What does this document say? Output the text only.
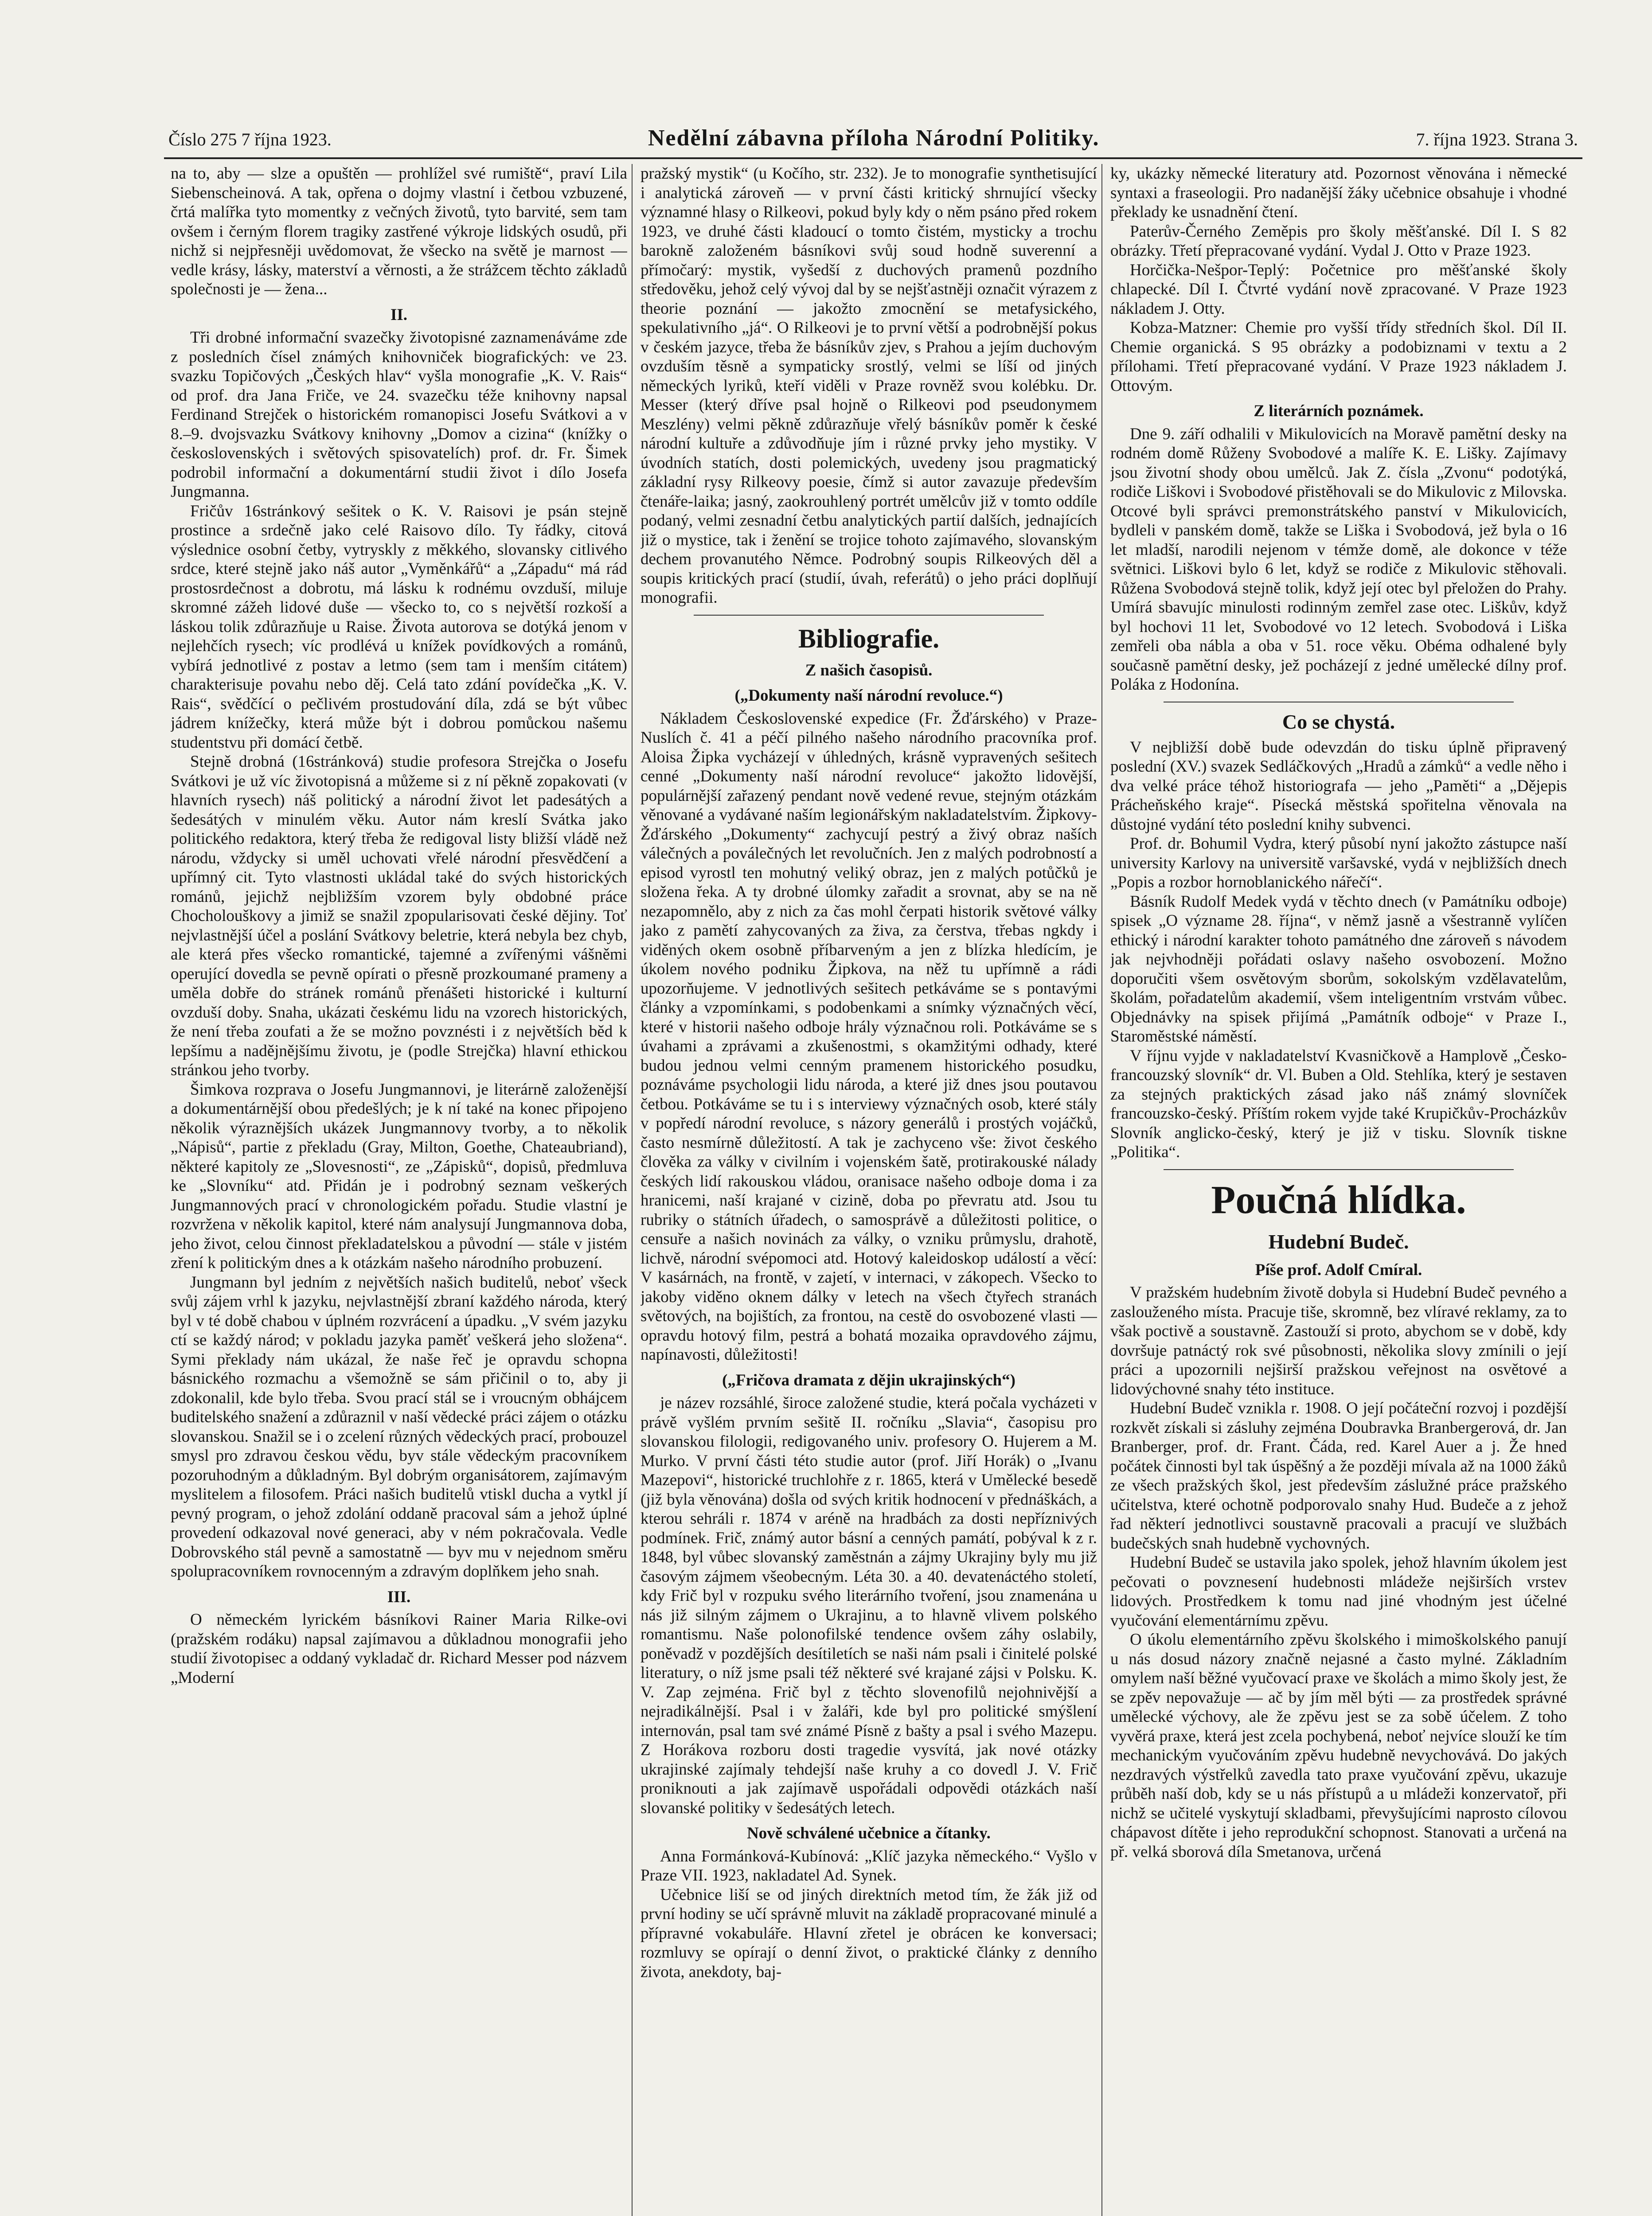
Číslo 275 7 října 1923.	Nedělní zábavna příloha Národní Politiky.	7. října 1923. Strana 3.

na to, aby — slze a opuštěn — prohlížel své rumiště“, praví Lila Siebenscheinová. A tak, opřena o dojmy vlastní i četbou vzbuzené, črtá malířka tyto momentky z večných životů, tyto barvité, sem tam ovšem i černým florem tragiky zastřené výkroje lidských osudů, při nichž si nejpřesněji uvědomovat, že všecko na světě je marnost — vedle krásy, lásky, materství a věrnosti, a že strážcem těchto základů společnosti je — žena...

II.

Tři drobné informační svazečky životopisné zaznamenáváme zde z posledních čísel známých knihovniček biografických: ve 23. svazku Topičových „Českých hlav“ vyšla monografie „K. V. Rais“ od prof. dra Jana Friče, ve 24. svazečku téže knihovny napsal Ferdinand Strejček o historickém romanopisci Josefu Svátkovi a v 8.–9. dvojsvazku Svátkovy knihovny „Domov a cizina“ (knížky o československých i světových spisovatelích) prof. dr. Fr. Šimek podrobil informační a dokumentární studii život i dílo Josefa Jungmanna.

Fričův 16stránkový sešitek o K. V. Raisovi je psán stejně prostince a srdečně jako celé Raisovo dílo. Ty řádky, citová výslednice osobní četby, vytryskly z měkkého, slovansky citlivého srdce, které stejně jako náš autor „Vyměnkářů“ a „Západu“ má rád prostosrdečnost a dobrotu, má lásku k rodnému ovzduší, miluje skromné zážeh lidové duše — všecko to, co s největší rozkoší a láskou tolik zdůrazňuje u Raise. Života autorova se dotýká jenom v nejlehčích rysech; víc prodlévá u knížek povídkových a románů, vybírá jednotlivé z postav a letmo (sem tam i menším citátem) charakterisuje povahu nebo děj. Celá tato zdání povídečka „K. V. Rais“, svědčící o pečlivém prostudování díla, zdá se být vůbec jádrem knížečky, která může být i dobrou pomůckou našemu studentstvu při domácí četbě.

Stejně drobná (16stránková) studie profesora Strejčka o Josefu Svátkovi je už víc životopisná a můžeme si z ní pěkně zopakovati (v hlavních rysech) náš politický a národní život let padesátých a šedesátých v minulém věku. Autor nám kreslí Svátka jako politického redaktora, který třeba že redigoval listy bližší vládě než národu, vždycky si uměl uchovati vřelé národní přesvědčení a upřímný cit. Tyto vlastnosti ukládal také do svých historických románů, jejichž nejbližším vzorem byly obdobné práce Chocholouškovy a jimiž se snažil zpopularisovati české dějiny. Toť nejvlastnější účel a poslání Svátkovy beletrie, která nebyla bez chyb, ale která přes všecko romantické, tajemné a zvířenými vášněmi operující dovedla se pevně opírati o přesně prozkoumané prameny a uměla dobře do stránek románů přenášeti historické i kulturní ovzduší doby. Snaha, ukázati českému lidu na vzorech historických, že není třeba zoufati a že se možno povznésti i z největších běd k lepšímu a nadějnějšímu životu, je (podle Strejčka) hlavní ethickou stránkou jeho tvorby.

Šimkova rozprava o Josefu Jungmannovi, je literárně založenější a dokumentárnější obou předešlých; je k ní také na konec připojeno několik výraznějších ukázek Jungmannovy tvorby, a to několik „Nápisů“, partie z překladu (Gray, Milton, Goethe, Chateaubriand), některé kapitoly ze „Slovesnosti“, ze „Zápisků“, dopisů, předmluva ke „Slovníku“ atd. Přidán je i podrobný seznam veškerých Jungmannových prací v chronologickém pořadu. Studie vlastní je rozvržena v několik kapitol, které nám analysují Jungmannova doba, jeho život, celou činnost překladatelskou a původní — stále v jistém zření k politickým dnes a k otázkám našeho národního probuzení.

Jungmann byl jedním z největších našich buditelů, neboť všeck svůj zájem vrhl k jazyku, nejvlastnější zbraní každého národa, který byl v té době chabou v úplném rozvrácení a úpadku. „V svém jazyku ctí se každý národ; v pokladu jazyka paměť veškerá jeho složena“. Symi překlady nám ukázal, že naše řeč je opravdu schopna básnického rozmachu a všemožně se sám přičinil o to, aby ji zdokonalil, kde bylo třeba. Svou prací stál se i vroucným obhájcem buditelského snažení a zdůraznil v naší vědecké práci zájem o otázku slovanskou. Snažil se i o zcelení různých vědeckých prací, probouzel smysl pro zdravou českou vědu, byv stále vědeckým pracovníkem pozoruhodným a důkladným. Byl dobrým organisátorem, zajímavým myslitelem a filosofem. Práci našich buditelů vtiskl ducha a vytkl jí pevný program, o jehož zdolání oddaně pracoval sám a jehož úplné provedení odkazoval nové generaci, aby v ném pokračovala. Vedle Dobrovského stál pevně a samostatně — byv mu v nejednom směru spolupracovníkem rovnocenným a zdravým doplňkem jeho snah.

III.

O německém lyrickém básníkovi Rainer Maria Rilke-ovi (pražském rodáku) napsal zajímavou a důkladnou monografii jeho studií životopisec a oddaný vykladač dr. Richard Messer pod názvem „Moderní

pražský mystik“ (u Kočího, str. 232). Je to monografie synthetisující i analytická zároveň — v první části kritický shrnující všecky významné hlasy o Rilkeovi, pokud byly kdy o něm psáno před rokem 1923, ve druhé části kladoucí o tomto čistém, mysticky a trochu barokně založeném básníkovi svůj soud hodně suverenní a přímočarý: mystik, vyšedší z duchových pramenů pozdního středověku, jehož celý vývoj dal by se nejšťastněji označit výrazem z theorie poznání — jakožto zmocnění se metafysického, spekulativního „já“. O Rilkeovi je to první větší a podrobnější pokus v českém jazyce, třeba že básníkův zjev, s Prahou a jejím duchovým ovzduším těsně a sympaticky srostlý, velmi se líší od jiných německých lyriků, kteří viděli v Praze rovněž svou kolébku. Dr. Messer (který dříve psal hojně o Rilkeovi pod pseudonymem Meszlény) velmi pěkně zdůrazňuje vřelý básníkův poměr k české národní kultuře a zdůvodňuje jím i různé prvky jeho mystiky. V úvodních statích, dosti polemických, uvedeny jsou pragmatický základní rysy Rilkeovy poesie, čímž si autor zavazuje především čtenáře-laika; jasný, zaokrouhlený portrét umělcův již v tomto oddíle podaný, velmi zesnadní četbu analytických partií dalších, jednajících již o mystice, tak i ženění se trojice tohoto zajímavého, slovanským dechem provanutého Němce. Podrobný soupis Rilkeových děl a soupis kritických prací (studií, úvah, referátů) o jeho práci doplňují monografii.

Bibliografie.
Z našich časopisů.
(„Dokumenty naší národní revoluce.“)

Nákladem Československé expedice (Fr. Žďárského) v Praze-Nuslích č. 41 a péčí pilného našeho národního pracovníka prof. Aloisa Žipka vycházejí v úhledných, krásně vypravených sešitech cenné „Dokumenty naší národní revoluce“ jakožto lidovější, populárnější zařazený pendant nově vedené revue, stejným otázkám věnované a vydávané naším legionářským nakladatelstvím. Žipkovy-Žďárského „Dokumenty“ zachycují pestrý a živý obraz naších válečných a poválečných let revolučních. Jen z malých podrobností a episod vyrostl ten mohutný veliký obraz, jen z malých potůčků je složena řeka. A ty drobné úlomky zařadit a srovnat, aby se na ně nezapomnělo, aby z nich za čas mohl čerpati historik světové války jako z pamětí zahycovaných za živa, za čerstva, třebas ngkdy i viděných okem osobně příbarveným a jen z blízka hledícím, je úkolem nového podniku Žipkova, na něž tu upřímně a rádi upozorňujeme. V jednotlivých sešitech petkáváme se s pontavými články a vzpomínkami, s podobenkami a snímky význačných věcí, které v historii našeho odboje hrály význačnou roli. Potkáváme se s úvahami a zprávami a zkušenostmi, s okamžitými odhady, které budou jednou velmi cenným pramenem historického posudku, poznáváme psychologii lidu národa, a které již dnes jsou poutavou četbou. Potkáváme se tu i s interviewy význačných osob, které stály v popředí národní revoluce, s názory generálů i prostých vojáčků, často nesmírně důležitostí. A tak je zachyceno vše: život českého člověka za války v civilním i vojenském šatě, protirakouské nálady českých lidí rakouskou vládou, oranisace našeho odboje doma i za hranicemi, naší krajané v cizině, doba po převratu atd. Jsou tu rubriky o státních úřadech, o samosprávě a důležitosti politice, o censuře a našich novinách za války, o vzniku průmyslu, drahotě, lichvě, národní svépomoci atd. Hotový kaleidoskop událostí a věcí: V kasárnách, na frontě, v zajetí, v internaci, v zákopech. Všecko to jakoby viděno oknem dálky v letech na všech čtyřech stranách světových, na bojištích, za frontou, na cestě do osvobozené vlasti — opravdu hotový film, pestrá a bohatá mozaika opravdového zájmu, napínavosti, důležitosti!

(„Fričova dramata z dějin ukrajinských“)

je název rozsáhlé, široce založené studie, která počala vycházeti v právě vyšlém prvním sešitě II. ročníku „Slavia“, časopisu pro slovanskou filologii, redigovaného univ. profesory O. Hujerem a M. Murko. V první části této studie autor (prof. Jiří Horák) o „Ivanu Mazepovi“, historické truchlohře z r. 1865, která v Umělecké besedě (již byla věnována) došla od svých kritik hodnocení v přednáškách, a kterou sehráli r. 1874 v aréně na hradbách za dosti nepříznivých podmínek. Frič, známý autor básní a cenných památí, pobýval k z r. 1848, byl vůbec slovanský zaměstnán a zájmy Ukrajiny byly mu již časovým zájmem všeobecným. Léta 30. a 40. devatenáctého století, kdy Frič byl v rozpuku svého literárního tvoření, jsou znamenána u nás již silným zájmem o Ukrajinu, a to hlavně vlivem polského romantismu. Naše polonofilské tendence ovšem záhy oslabily, poněvadž v pozdějších desítiletích se naši nám psali i činitelé polské literatury, o níž jsme psali též některé své krajané zájsi v Polsku. K. V. Zap zejména. Frič byl z těchto slovenofilů nejohnivější a nejradikálnější. Psal i v žaláři, kde byl pro politické smýšlení internován, psal tam své známé Písně z bašty a psal i svého Mazepu. Z Horákova rozboru dosti tragedie vysvítá, jak nové otázky ukrajinské zajímaly tehdejší naše kruhy a co dovedl J. V. Frič proniknouti a jak zajímavě uspořádali odpovědi otázkách naší slovanské politiky v šedesátých letech.

Nově schválené učebnice a čítanky.

Anna Formánková-Kubínová: „Klíč jazyka německého.“ Vyšlo v Praze VII. 1923, nakladatel Ad. Synek.

Učebnice liší se od jiných direktních metod tím, že žák již od první hodiny se učí správně mluvit na základě propracované minulé a přípravné vokabuláře. Hlavní zřetel je obrácen ke konversaci; rozmluvy se opírají o denní život, o praktické články z denního života, anekdoty, baj-

ky, ukázky německé literatury atd. Pozornost věnována i německé syntaxi a fraseologii. Pro nadanější žáky učebnice obsahuje i vhodné překlady ke usnadnění čtení.

Paterův-Černého Zeměpis pro školy měšťanské. Díl I. S 82 obrázky. Třetí přepracované vydání. Vydal J. Otto v Praze 1923.

Horčička-Nešpor-Teplý: Početnice pro měšťanské školy chlapecké. Díl I. Čtvrté vydání nově zpracované. V Praze 1923 nákladem J. Otty.

Kobza-Matzner: Chemie pro vyšší třídy středních škol. Díl II. Chemie organická. S 95 obrázky a podobiznami v textu a 2 přílohami. Třetí přepracované vydání. V Praze 1923 nákladem J. Ottovým.

Z literárních poznámek.

Dne 9. září odhalili v Mikulovicích na Moravě pamětní desky na rodném domě Růženy Svobodové a malíře K. E. Lišky. Zajímavy jsou životní shody obou umělců. Jak Z. čísla „Zvonu“ podotýká, rodiče Liškovi i Svobodové přistěhovali se do Mikulovic z Milovska. Otcové byli správci premonstrátského panství v Mikulovicích, bydleli v panském domě, takže se Liška i Svobodová, jež byla o 16 let mladší, narodili nejenom v témže domě, ale dokonce v téže světnici. Liškovi bylo 6 let, když se rodiče z Mikulovic stěhovali. Růžena Svobodová stejně tolik, když její otec byl přeložen do Prahy. Umírá sbavujíc minulosti rodinným zemřel zase otec. Liškův, když byl hochovi 11 let, Svobodové vo 12 letech. Svobodová i Liška zemřeli oba nábla a oba v 51. roce věku. Obéma odhalené byly současně pamětní desky, jež pocházejí z jedné umělecké dílny prof. Poláka z Hodonína.

Co se chystá.

V nejbližší době bude odevzdán do tisku úplně připravený poslední (XV.) svazek Sedláčkových „Hradů a zámků“ a vedle něho i dva velké práce téhož historiografa — jeho „Paměti“ a „Dějepis Prácheňského kraje“. Písecká městská spořitelna věnovala na důstojné vydání této poslední knihy subvenci.

Prof. dr. Bohumil Vydra, který působí nyní jakožto zástupce naší university Karlovy na universitě varšavské, vydá v nejbližších dnech „Popis a rozbor hornoblanického nářečí“.

Básník Rudolf Medek vydá v těchto dnech (v Památníku odboje) spisek „O význame 28. října“, v němž jasně a všestranně vylíčen ethický i národní karakter tohoto památného dne zároveň s návodem jak nejvhodněji pořádati oslavy našeho osvobození. Možno doporučiti všem osvětovým sborům, sokolským vzdělavatelům, školám, pořadatelům akademií, všem inteligentním vrstvám vůbec. Objednávky na spisek přijímá „Památník odboje“ v Praze I., Staroměstské náměstí.

V říjnu vyjde v nakladatelství Kvasničkově a Hamplově „Česko-francouzský slovník“ dr. Vl. Buben a Old. Stehlíka, který je sestaven za stejných praktických zásad jako náš známý slovníček francouzsko-český. Příštím rokem vyjde také Krupičkův-Procházkův Slovník anglicko-český, který je již v tisku. Slovník tiskne „Politika“.

Poučná hlídka.
Hudební Budeč.
Píše prof. Adolf Cmíral.

V pražském hudebním životě dobyla si Hudební Budeč pevného a zaslouženého místa. Pracuje tiše, skromně, bez vlíravé reklamy, za to však poctivě a soustavně. Zastouží si proto, abychom se v době, kdy dovršuje patnáctý rok své působnosti, několika slovy zmínili o její práci a upozornili nejširší pražskou veřejnost na osvětové a lidovýchovné snahy této instituce.

Hudební Budeč vznikla r. 1908. O její počáteční rozvoj i pozdější rozkvět získali si zásluhy zejména Doubravka Branbergerová, dr. Jan Branberger, prof. dr. Frant. Čáda, red. Karel Auer a j. Že hned počátek činnosti byl tak úspěšný a že později mívala až na 1000 žáků ze všech pražských škol, jest především záslužné práce pražského učitelstva, které ochotně podporovalo snahy Hud. Budeče a z jehož řad některí jednotlivci soustavně pracovali a pracují ve službách budečských snah hudebně vychovných.

Hudební Budeč se ustavila jako spolek, jehož hlavním úkolem jest pečovati o povznesení hudebnosti mládeže nejširších vrstev lidových. Prostředkem k tomu nad jiné vhodným jest účelné vyučování elementárnímu zpěvu.

O úkolu elementárního zpěvu školského i mimoškolského panují u nás dosud názory značně nejasné a často mylné. Základním omylem naší běžné vyučovací praxe ve školách a mimo školy jest, že se zpěv nepovažuje — ač by jím měl býti — za prostředek správné umělecké výchovy, ale že zpěvu jest se za sobě účelem. Z toho vyvěrá praxe, která jest zcela pochybená, neboť nejvíce slouží ke tím mechanickým vyučováním zpěvu hudebně nevychovává. Do jakých nezdravých výstřelků zavedla tato praxe vyučování zpěvu, ukazuje průběh naší dob, kdy se u nás přístupů a u mládeži konzervatoř, při nichž se učitelé vyskytují skladbami, převyšujícími naprosto cílovou chápavost dítěte i jeho reprodukční schopnost. Stanovati a určená na př. velká sborová díla Smetanova, určená
